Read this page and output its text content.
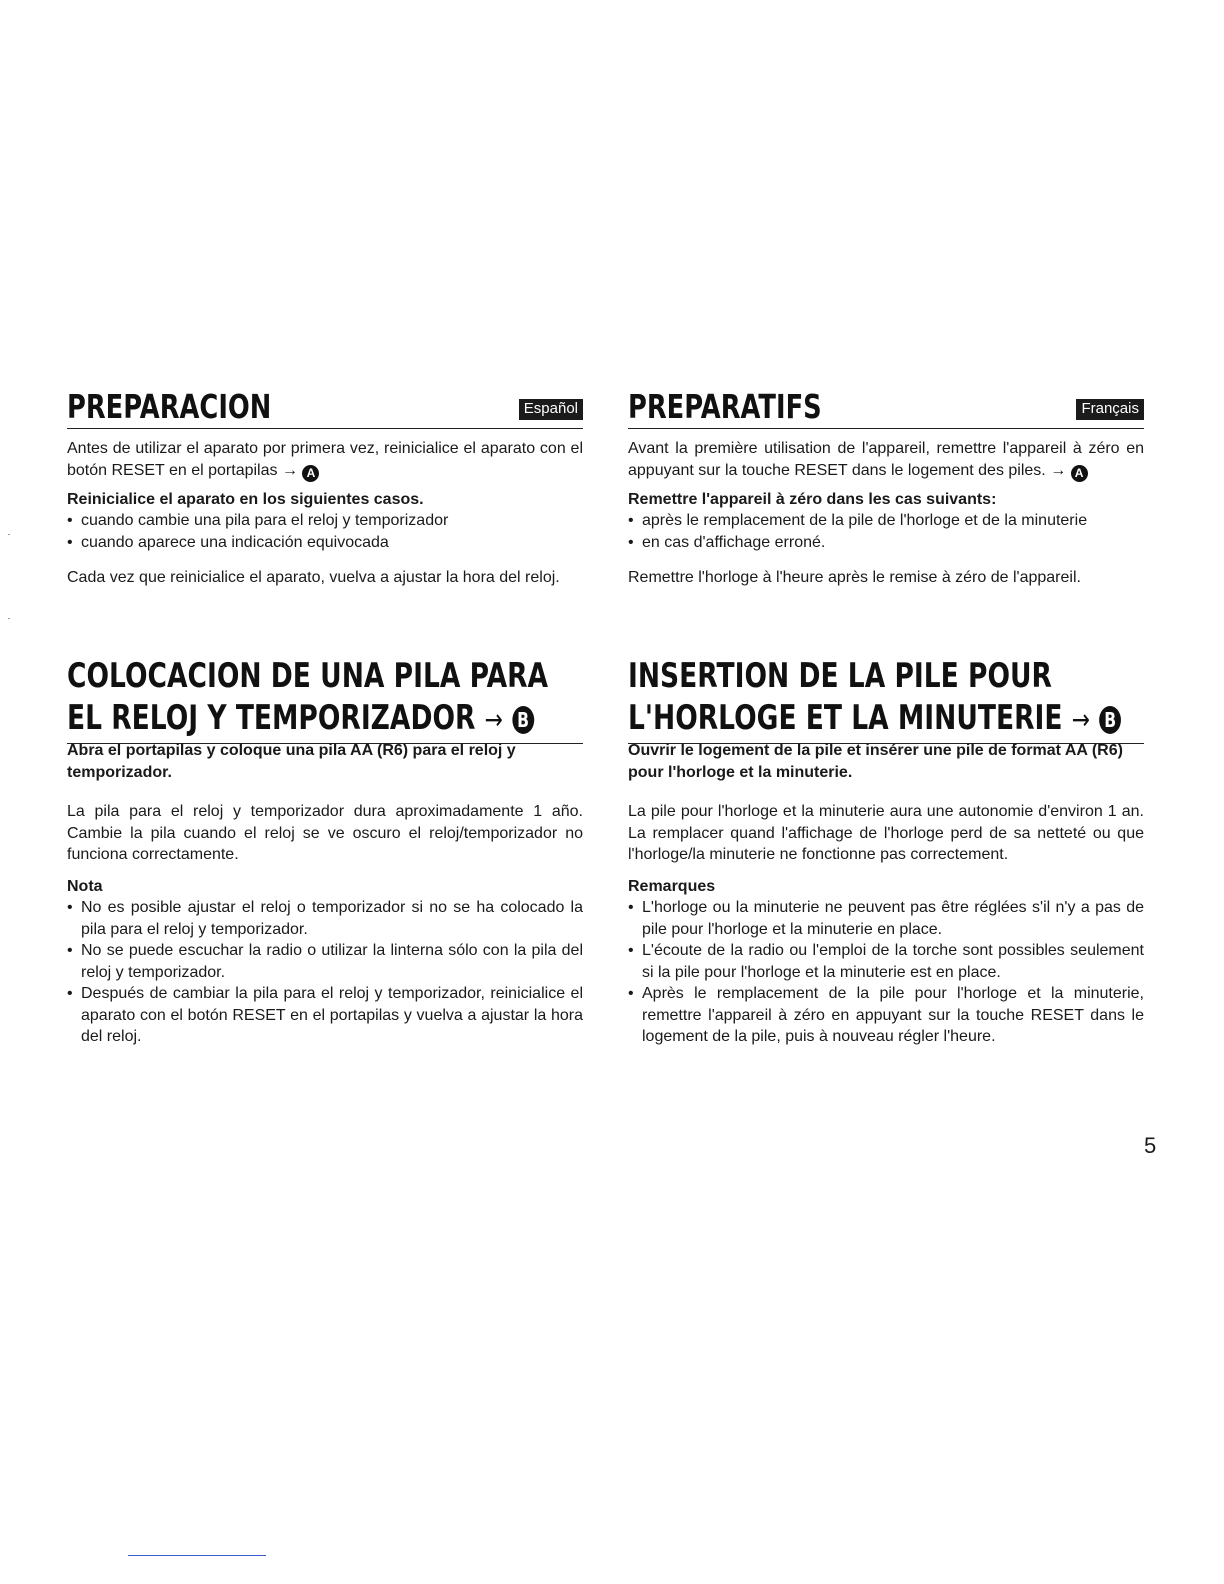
PREPARACION	Español

Antes de utilizar el aparato por primera vez, reinicialice el aparato con el botón RESET en el portapilas → A

Reinicialice el aparato en los siguientes casos.

• cuando cambie una pila para el reloj y temporizador
• cuando aparece una indicación equivocada

Cada vez que reinicialice el aparato, vuelva a ajustar la hora del reloj.

COLOCACION DE UNA PILA PARA
EL RELOJ Y TEMPORIZADOR → B

Abra el portapilas y coloque una pila AA (R6) para el reloj y temporizador.

La pila para el reloj y temporizador dura aproximadamente 1 año. Cambie la pila cuando el reloj se ve oscuro el reloj/temporizador no funciona correctamente.

Nota

• No es posible ajustar el reloj o temporizador si no se ha colocado la pila para el reloj y temporizador.
• No se puede escuchar la radio o utilizar la linterna sólo con la pila del reloj y temporizador.
• Después de cambiar la pila para el reloj y temporizador, reinicialice el aparato con el botón RESET en el portapilas y vuelva a ajustar la hora del reloj.
PREPARATIFS	Français

Avant la première utilisation de l'appareil, remettre l'appareil à zéro en appuyant sur la touche RESET dans le logement des piles. → A

Remettre l'appareil à zéro dans les cas suivants:

• après le remplacement de la pile de l'horloge et de la minuterie
• en cas d'affichage erroné.

Remettre l'horloge à l'heure après le remise à zéro de l'appareil.

INSERTION DE LA PILE POUR
L'HORLOGE ET LA MINUTERIE → B

Ouvrir le logement de la pile et insérer une pile de format AA (R6) pour l'horloge et la minuterie.

La pile pour l'horloge et la minuterie aura une autonomie d'environ 1 an. La remplacer quand l'affichage de l'horloge perd de sa netteté ou que l'horloge/la minuterie ne fonctionne pas correctement.

Remarques

• L'horloge ou la minuterie ne peuvent pas être réglées s'il n'y a pas de pile pour l'horloge et la minuterie en place.
• L'écoute de la radio ou l'emploi de la torche sont possibles seulement si la pile pour l'horloge et la minuterie est en place.
• Après le remplacement de la pile pour l'horloge et la minuterie, remettre l'appareil à zéro en appuyant sur la touche RESET dans le logement de la pile, puis à nouveau régler l'heure.
5
